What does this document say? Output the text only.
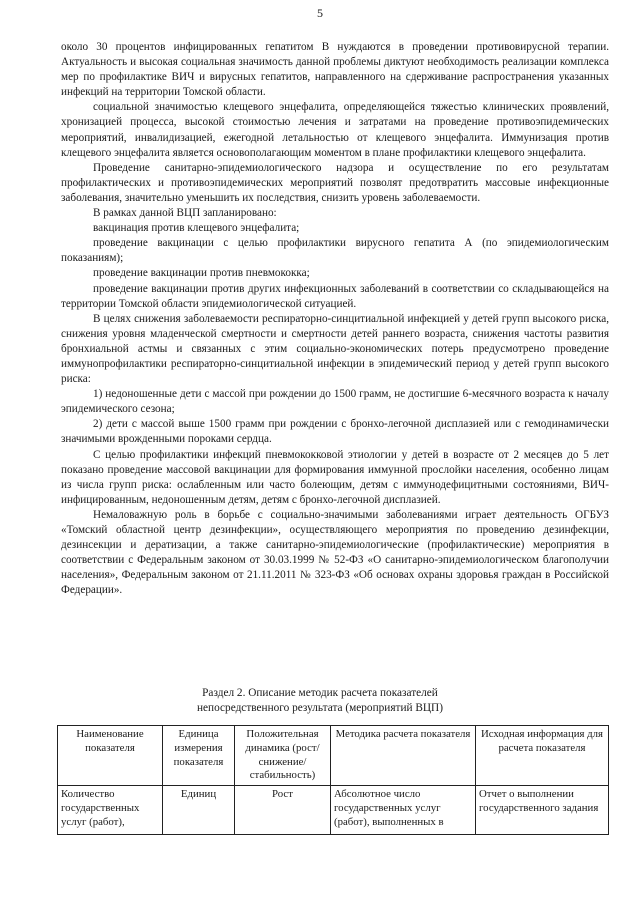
5

около 30 процентов инфицированных гепатитом В нуждаются в проведении противовирусной терапии. Актуальность и высокая социальная значимость данной проблемы диктуют необходимость реализации комплекса мер по профилактике ВИЧ и вирусных гепатитов, направленного на сдерживание распространения указанных инфекций на территории Томской области.

социальной значимостью клещевого энцефалита, определяющейся тяжестью клинических проявлений, хронизацией процесса, высокой стоимостью лечения и затратами на проведение противоэпидемических мероприятий, инвалидизацией, ежегодной летальностью от клещевого энцефалита. Иммунизация против клещевого энцефалита является основополагающим моментом в плане профилактики клещевого энцефалита.

Проведение санитарно-эпидемиологического надзора и осуществление по его результатам профилактических и противоэпидемических мероприятий позволят предотвратить массовые инфекционные заболевания, значительно уменьшить их последствия, снизить уровень заболеваемости.

В рамках данной ВЦП запланировано:

вакцинация против клещевого энцефалита;

проведение вакцинации с целью профилактики вирусного гепатита А (по эпидемиологическим показаниям);

проведение вакцинации против пневмококка;

проведение вакцинации против других инфекционных заболеваний в соответствии со складывающейся на территории Томской области эпидемиологической ситуацией.

В целях снижения заболеваемости респираторно-синцитиальной инфекцией у детей групп высокого риска, снижения уровня младенческой смертности и смертности детей раннего возраста, снижения частоты развития бронхиальной астмы и связанных с этим социально-экономических потерь предусмотрено проведение иммунопрофилактики респираторно-синцитиальной инфекции в эпидемический период у детей групп высокого риска:

1) недоношенные дети с массой при рождении до 1500 грамм, не достигшие 6-месячного возраста к началу эпидемического сезона;

2) дети с массой выше 1500 грамм при рождении с бронхо-легочной дисплазией или с гемодинамически значимыми врожденными пороками сердца.

С целью профилактики инфекций пневмококковой этиологии у детей в возрасте от 2 месяцев до 5 лет показано проведение массовой вакцинации для формирования иммунной прослойки населения, особенно лицам из числа групп риска: ослабленным или часто болеющим, детям с иммунодефицитными состояниями, ВИЧ-инфицированным, недоношенным детям, детям с бронхо-легочной дисплазией.

Немаловажную роль в борьбе с социально-значимыми заболеваниями играет деятельность ОГБУЗ «Томский областной центр дезинфекции», осуществляющего мероприятия по проведению дезинфекции, дезинсекции и дератизации, а также санитарно-эпидемиологические (профилактические) мероприятия в соответствии с Федеральным законом от 30.03.1999 № 52-ФЗ «О санитарно-эпидемиологическом благополучии населения», Федеральным законом от 21.11.2011 № 323-ФЗ «Об основах охраны здоровья граждан в Российской Федерации».

Раздел 2. Описание методик расчета показателей
непосредственного результата (мероприятий ВЦП)
Наименование показателя	Единица измерения показателя	Положительная динамика (рост/снижение/ стабильность)	Методика расчета показателя	Исходная информация для расчета показателя
Количество государственных услуг (работ),	Единиц	Рост	Абсолютное число государственных услуг (работ), выполненных в	Отчет о выполнении государственного задания
